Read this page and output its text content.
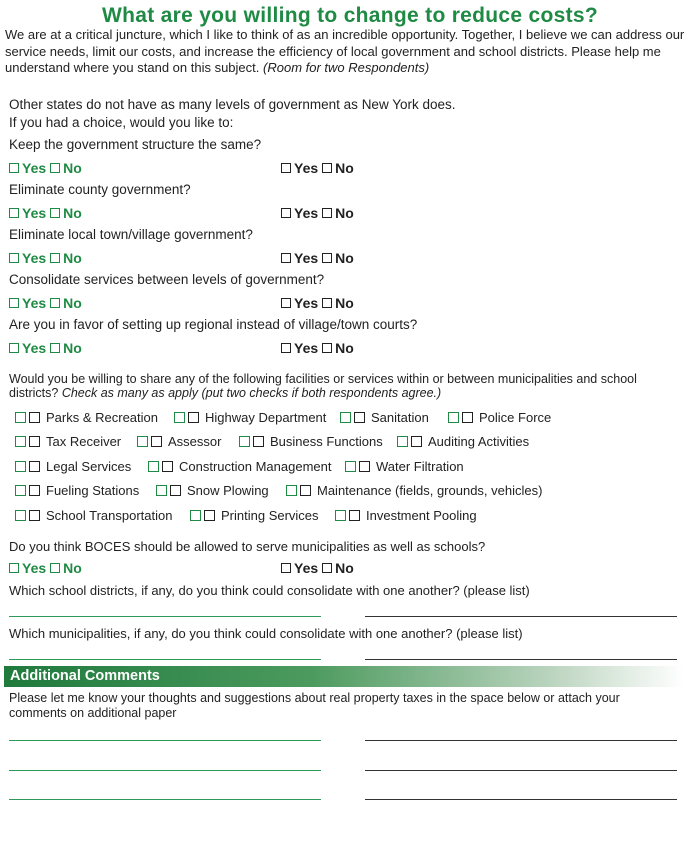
What are you willing to change to reduce costs?
We are at a critical juncture, which I like to think of as an incredible opportunity. Together, I believe we can address our service needs, limit our costs, and increase the efficiency of local government and school districts. Please help me understand where you stand on this subject. (Room for two Respondents)
Other states do not have as many levels of government as New York does.
If you had a choice, would you like to:
Keep the government structure the same?
Yes No	Yes No
Eliminate county government?
Yes No	Yes No
Eliminate local town/village government?
Yes No	Yes No
Consolidate services between levels of government?
Yes No	Yes No
Are you in favor of setting up regional instead of village/town courts?
Yes No	Yes No
Would you be willing to share any of the following facilities or services within or between municipalities and school districts? Check as many as apply (put two checks if both respondents agree.)
Parks & Recreation	Highway Department	Sanitation	Police Force
Tax Receiver	Assessor	Business Functions	Auditing Activities
Legal Services	Construction Management	Water Filtration
Fueling Stations	Snow Plowing	Maintenance (fields, grounds, vehicles)
School Transportation	Printing Services	Investment Pooling
Do you think BOCES should be allowed to serve municipalities as well as schools?
Yes No	Yes No
Which school districts, if any, do you think could consolidate with one another? (please list)
Which municipalities, if any, do you think could consolidate with one another? (please list)
Additional Comments
Please let me know your thoughts and suggestions about real property taxes in the space below or attach your comments on additional paper
